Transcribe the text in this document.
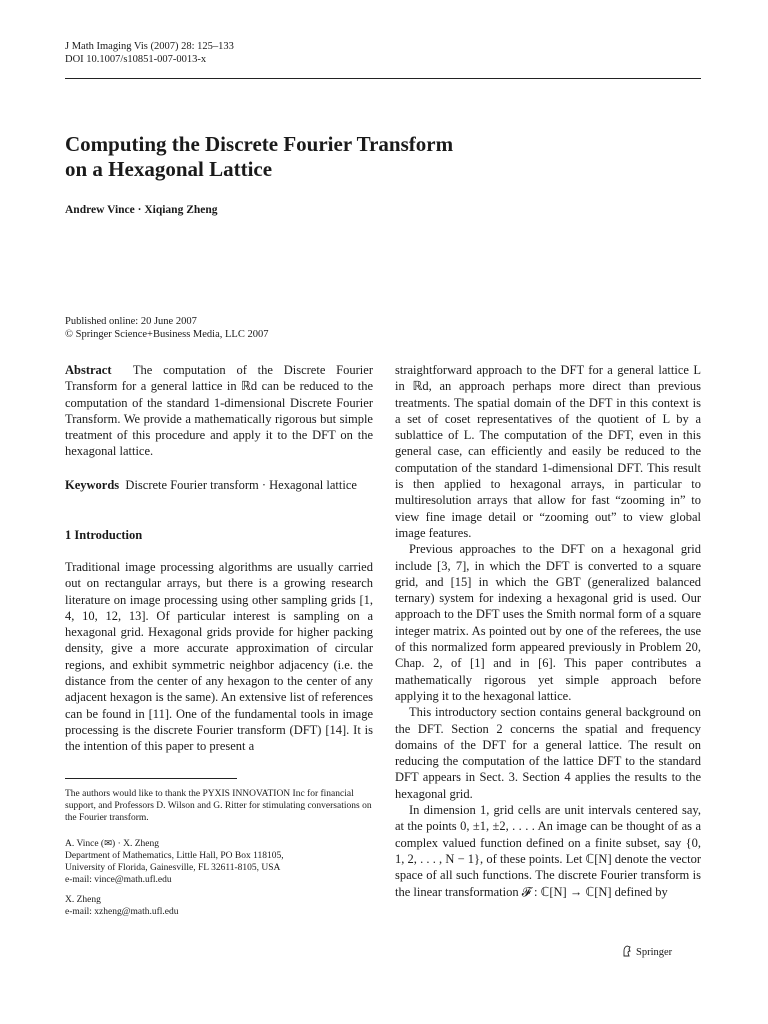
J Math Imaging Vis (2007) 28: 125–133
DOI 10.1007/s10851-007-0013-x
Computing the Discrete Fourier Transform
on a Hexagonal Lattice
Andrew Vince · Xiqiang Zheng
Published online: 20 June 2007
© Springer Science+Business Media, LLC 2007

Abstract The computation of the Discrete Fourier Transform for a general lattice in ℝd can be reduced to the computation of the standard 1-dimensional Discrete Fourier Transform. We provide a mathematically rigorous but simple treatment of this procedure and apply it to the DFT on the hexagonal lattice.

Keywords Discrete Fourier transform · Hexagonal lattice

1 Introduction

Traditional image processing algorithms are usually carried out on rectangular arrays, but there is a growing research literature on image processing using other sampling grids [1, 4, 10, 12, 13]. Of particular interest is sampling on a hexagonal grid. Hexagonal grids provide for higher packing density, give a more accurate approximation of circular regions, and exhibit symmetric neighbor adjacency (i.e. the distance from the center of any hexagon to the center of any adjacent hexagon is the same). An extensive list of references can be found in [11]. One of the fundamental tools in image processing is the discrete Fourier transform (DFT) [14]. It is the intention of this paper to present a

The authors would like to thank the PYXIS INNOVATION Inc for financial support, and Professors D. Wilson and G. Ritter for stimulating conversations on the Fourier transform.
A. Vince (✉) · X. Zheng
Department of Mathematics, Little Hall, PO Box 118105,
University of Florida, Gainesville, FL 32611-8105, USA
e-mail: vince@math.ufl.edu
X. Zheng
e-mail: xzheng@math.ufl.edu

straightforward approach to the DFT for a general lattice L in ℝd, an approach perhaps more direct than previous treatments. The spatial domain of the DFT in this context is a set of coset representatives of the quotient of L by a sublattice of L. The computation of the DFT, even in this general case, can efficiently and easily be reduced to the computation of the standard 1-dimensional DFT. This result is then applied to hexagonal arrays, in particular to multiresolution arrays that allow for fast “zooming in” to view fine image detail or “zooming out” to view global image features.

Previous approaches to the DFT on a hexagonal grid include [3, 7], in which the DFT is converted to a square grid, and [15] in which the GBT (generalized balanced ternary) system for indexing a hexagonal grid is used. Our approach to the DFT uses the Smith normal form of a square integer matrix. As pointed out by one of the referees, the use of this normalized form appeared previously in Problem 20, Chap. 2, of [1] and in [6]. This paper contributes a mathematically rigorous yet simple approach before applying it to the hexagonal lattice.

This introductory section contains general background on the DFT. Section 2 concerns the spatial and frequency domains of the DFT for a general lattice. The result on reducing the computation of the lattice DFT to the standard DFT appears in Sect. 3. Section 4 applies the results to the hexagonal grid.

In dimension 1, grid cells are unit intervals centered say, at the points 0, ±1, ±2, . . . . An image can be thought of as a complex valued function defined on a finite subset, say {0, 1, 2, . . . , N − 1}, of these points. Let ℂ[N] denote the vector space of all such functions. The discrete Fourier transform is the linear transformation 𝓕 : ℂ[N] → ℂ[N] defined by

Springer
